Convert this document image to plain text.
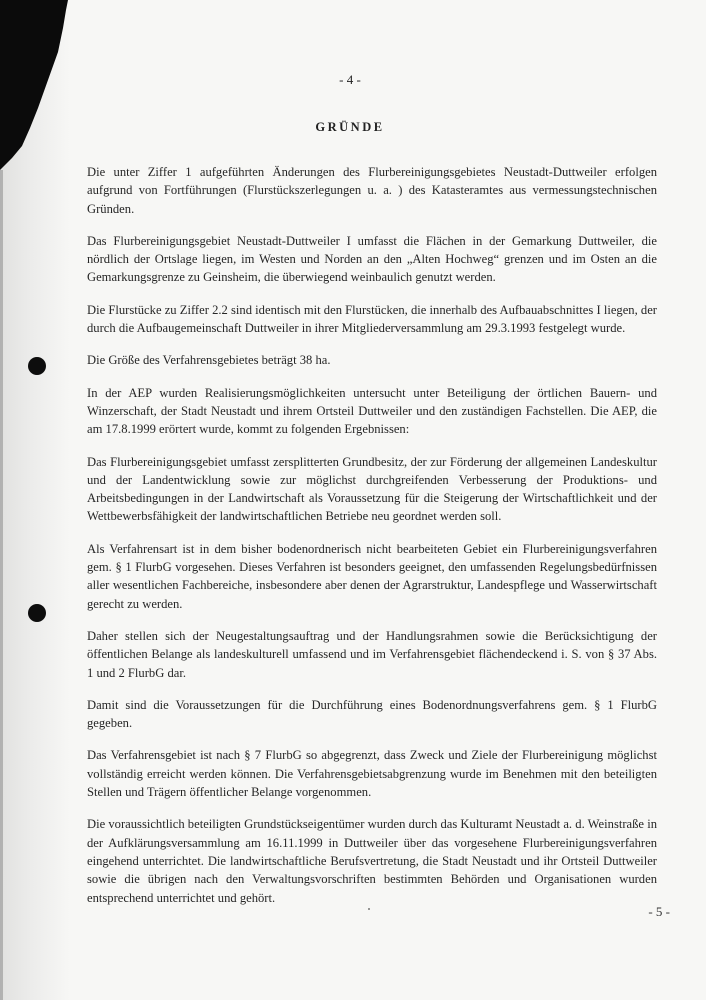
- 4 -
GRÜNDE

Die unter Ziffer 1 aufgeführten Änderungen des Flurbereinigungsgebietes Neustadt-Duttweiler erfolgen aufgrund von Fortführungen (Flurstückszerlegungen u. a. ) des Katasteramtes aus vermessungstechnischen Gründen.

Das Flurbereinigungsgebiet Neustadt-Duttweiler I umfasst die Flächen in der Gemarkung Duttweiler, die nördlich der Ortslage liegen, im Westen und Norden an den „Alten Hochweg“ grenzen und im Osten an die Gemarkungsgrenze zu Geinsheim, die überwiegend weinbaulich genutzt werden.

Die Flurstücke zu Ziffer 2.2 sind identisch mit den Flurstücken, die innerhalb des Aufbauabschnittes I liegen, der durch die Aufbaugemeinschaft Duttweiler in ihrer Mitgliederversammlung am 29.3.1993 festgelegt wurde.

Die Größe des Verfahrensgebietes beträgt 38 ha.

In der AEP wurden Realisierungsmöglichkeiten untersucht unter Beteiligung der örtlichen Bauern- und Winzerschaft, der Stadt Neustadt und ihrem Ortsteil Duttweiler und den zuständigen Fachstellen. Die AEP, die am 17.8.1999 erörtert wurde, kommt zu folgenden Ergebnissen:

Das Flurbereinigungsgebiet umfasst zersplitterten Grundbesitz, der zur Förderung der allgemeinen Landeskultur und der Landentwicklung sowie zur möglichst durchgreifenden Verbesserung der Produktions- und Arbeitsbedingungen in der Landwirtschaft als Voraussetzung für die Steigerung der Wirtschaftlichkeit und der Wettbewerbsfähigkeit der landwirtschaftlichen Betriebe neu geordnet werden soll.

Als Verfahrensart ist in dem bisher bodenordnerisch nicht bearbeiteten Gebiet ein Flurbereinigungsverfahren gem. § 1 FlurbG vorgesehen. Dieses Verfahren ist besonders geeignet, den umfassenden Regelungsbedürfnissen aller wesentlichen Fachbereiche, insbesondere aber denen der Agrarstruktur, Landespflege und Wasserwirtschaft gerecht zu werden.

Daher stellen sich der Neugestaltungsauftrag und der Handlungsrahmen sowie die Berücksichtigung der öffentlichen Belange als landeskulturell umfassend und im Verfahrensgebiet flächendeckend i. S. von § 37 Abs. 1 und 2 FlurbG dar.

Damit sind die Voraussetzungen für die Durchführung eines Bodenordnungsverfahrens gem. § 1 FlurbG gegeben.

Das Verfahrensgebiet ist nach § 7 FlurbG so abgegrenzt, dass Zweck und Ziele der Flurbereinigung möglichst vollständig erreicht werden können. Die Verfahrensgebietsabgrenzung wurde im Benehmen mit den beteiligten Stellen und Trägern öffentlicher Belange vorgenommen.

Die voraussichtlich beteiligten Grundstückseigentümer wurden durch das Kulturamt Neustadt a. d. Weinstraße in der Aufklärungsversammlung am 16.11.1999 in Duttweiler über das vorgesehene Flurbereinigungsverfahren eingehend unterrichtet. Die landwirtschaftliche Berufsvertretung, die Stadt Neustadt und ihr Ortsteil Duttweiler sowie die übrigen nach den Verwaltungsvorschriften bestimmten Behörden und Organisationen wurden entsprechend unterrichtet und gehört.

- 5 -
